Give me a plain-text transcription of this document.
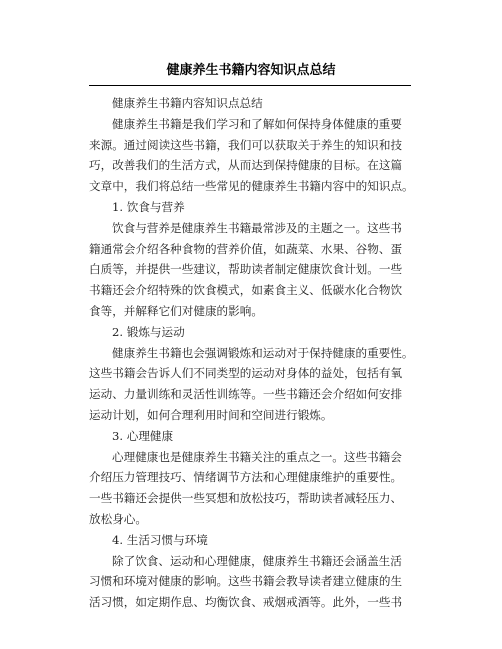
健康养生书籍内容知识点总结
健康养生书籍内容知识点总结
健康养生书籍是我们学习和了解如何保持身体健康的重要
来源。通过阅读这些书籍，我们可以获取关于养生的知识和技
巧，改善我们的生活方式，从而达到保持健康的目标。在这篇
文章中，我们将总结一些常见的健康养生书籍内容中的知识点。
1. 饮食与营养
饮食与营养是健康养生书籍最常涉及的主题之一。这些书
籍通常会介绍各种食物的营养价值，如蔬菜、水果、谷物、蛋
白质等，并提供一些建议，帮助读者制定健康饮食计划。一些
书籍还会介绍特殊的饮食模式，如素食主义、低碳水化合物饮
食等，并解释它们对健康的影响。
2. 锻炼与运动
健康养生书籍也会强调锻炼和运动对于保持健康的重要性。
这些书籍会告诉人们不同类型的运动对身体的益处，包括有氧
运动、力量训练和灵活性训练等。一些书籍还会介绍如何安排
运动计划，如何合理利用时间和空间进行锻炼。
3. 心理健康
心理健康也是健康养生书籍关注的重点之一。这些书籍会
介绍压力管理技巧、情绪调节方法和心理健康维护的重要性。
一些书籍还会提供一些冥想和放松技巧，帮助读者减轻压力、
放松身心。
4. 生活习惯与环境
除了饮食、运动和心理健康，健康养生书籍还会涵盖生活
习惯和环境对健康的影响。这些书籍会教导读者建立健康的生
活习惯，如定期作息、均衡饮食、戒烟戒酒等。此外，一些书
